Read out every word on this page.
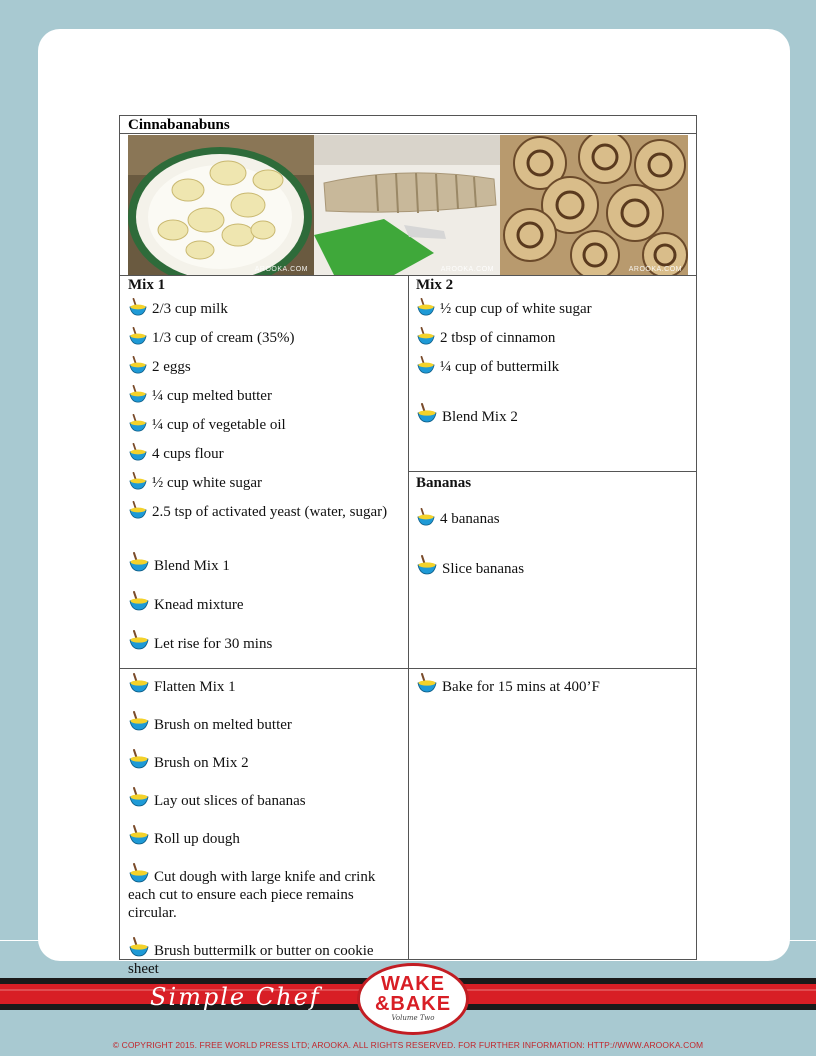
Cinnabanabuns
AROOKA.COM	AROOKA.COM	AROOKA.COM
Mix 1
2/3 cup milk
1/3 cup of cream (35%)
2 eggs
¼ cup melted butter
¼ cup of vegetable oil
4 cups flour
½ cup white sugar
2.5 tsp of activated yeast (water, sugar)
Blend Mix 1
Knead mixture
Let rise for 30 mins
Mix 2
½ cup cup of white sugar
2 tbsp of cinnamon
¼ cup of buttermilk
Blend Mix 2
Bananas
4 bananas
Slice bananas
Flatten Mix 1
Brush on melted butter
Brush on Mix 2
Lay out slices of bananas
Roll up dough
Cut dough with large knife and crink each cut to ensure each piece remains circular.
Brush buttermilk or butter on cookie sheet
Bake for 15 mins at 400’F
Simple Chef	WAKE
&BAKE
Volume Two
© COPYRIGHT 2015. FREE WORLD PRESS LTD; AROOKA. ALL RIGHTS RESERVED. FOR FURTHER INFORMATION: HTTP://WWW.AROOKA.COM
